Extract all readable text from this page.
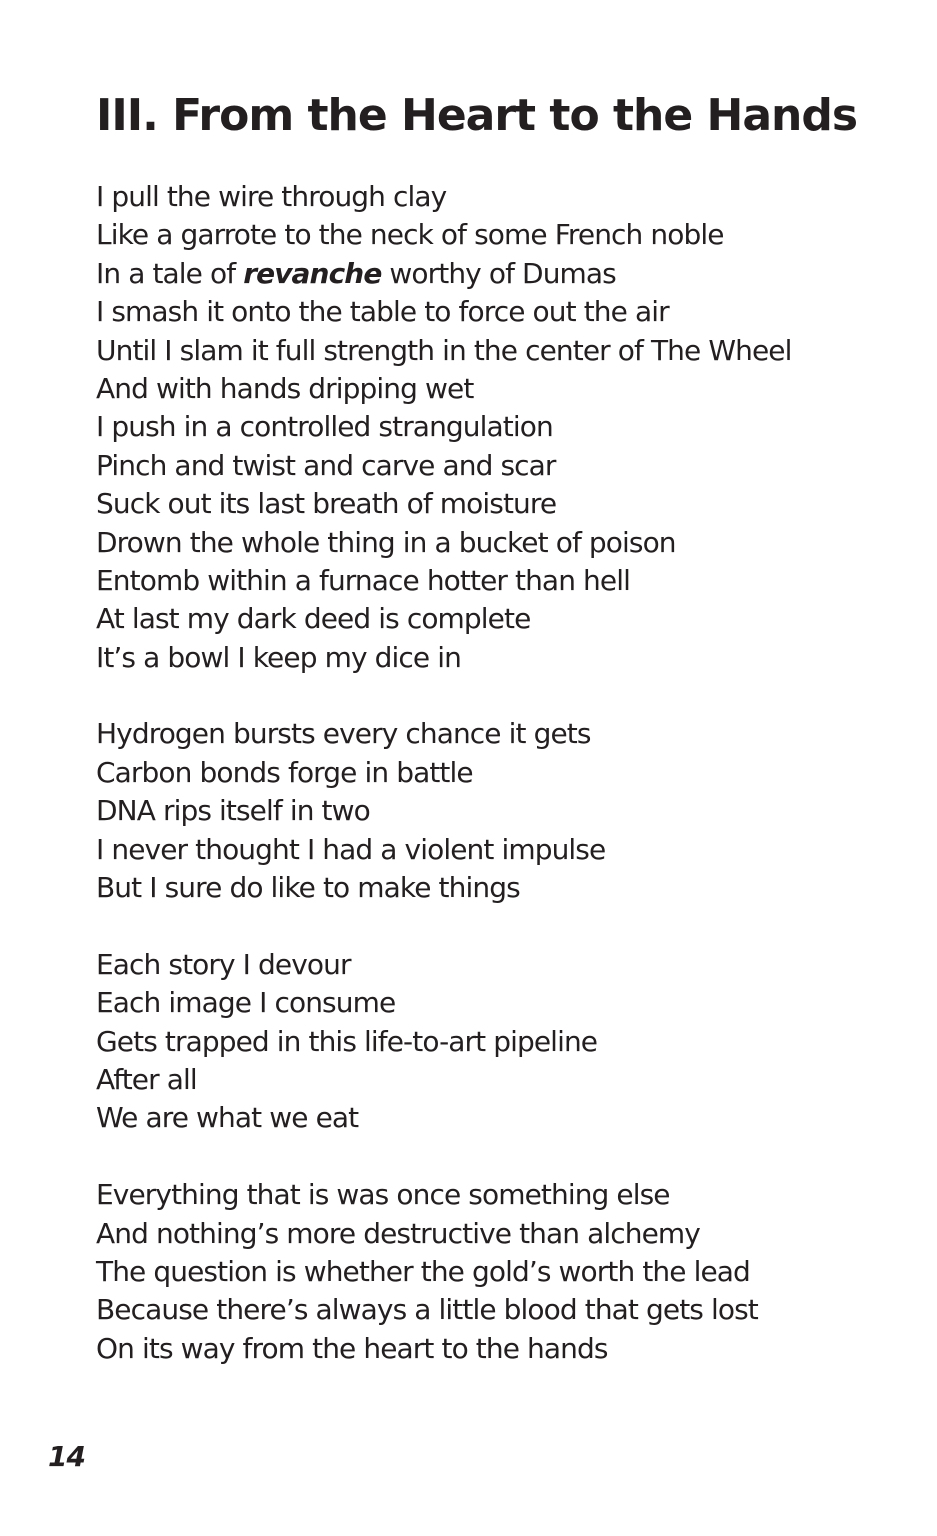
III. From the Heart to the Hands
I pull the wire through clay
Like a garrote to the neck of some French noble
In a tale of revanche worthy of Dumas
I smash it onto the table to force out the air
Until I slam it full strength in the center of The Wheel
And with hands dripping wet
I push in a controlled strangulation
Pinch and twist and carve and scar
Suck out its last breath of moisture
Drown the whole thing in a bucket of poison
Entomb within a furnace hotter than hell
At last my dark deed is complete
It’s a bowl I keep my dice in
Hydrogen bursts every chance it gets
Carbon bonds forge in battle
DNA rips itself in two
I never thought I had a violent impulse
But I sure do like to make things
Each story I devour
Each image I consume
Gets trapped in this life-to-art pipeline
After all
We are what we eat
Everything that is was once something else
And nothing’s more destructive than alchemy
The question is whether the gold’s worth the lead
Because there’s always a little blood that gets lost
On its way from the heart to the hands
14
